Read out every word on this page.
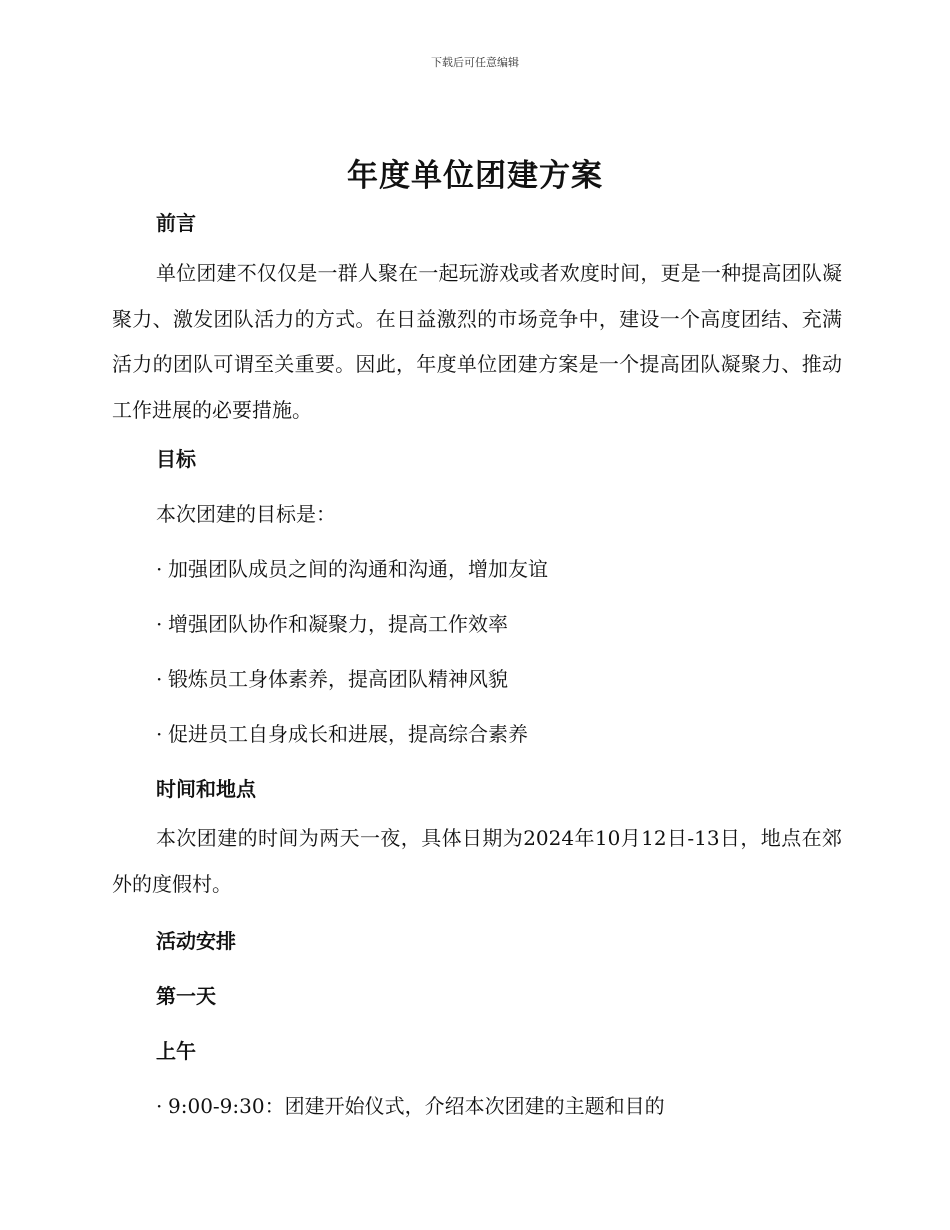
下载后可任意编辑
年度单位团建方案
前言
单位团建不仅仅是一群人聚在一起玩游戏或者欢度时间，更是一种提高团队凝聚力、激发团队活力的方式。在日益激烈的市场竞争中，建设一个高度团结、充满活力的团队可谓至关重要。因此，年度单位团建方案是一个提高团队凝聚力、推动工作进展的必要措施。
目标
本次团建的目标是：
· 加强团队成员之间的沟通和沟通，增加友谊
· 增强团队协作和凝聚力，提高工作效率
· 锻炼员工身体素养，提高团队精神风貌
· 促进员工自身成长和进展，提高综合素养
时间和地点
本次团建的时间为两天一夜，具体日期为2024年10月12日-13日，地点在郊外的度假村。
活动安排
第一天
上午
· 9:00-9:30：团建开始仪式，介绍本次团建的主题和目的
